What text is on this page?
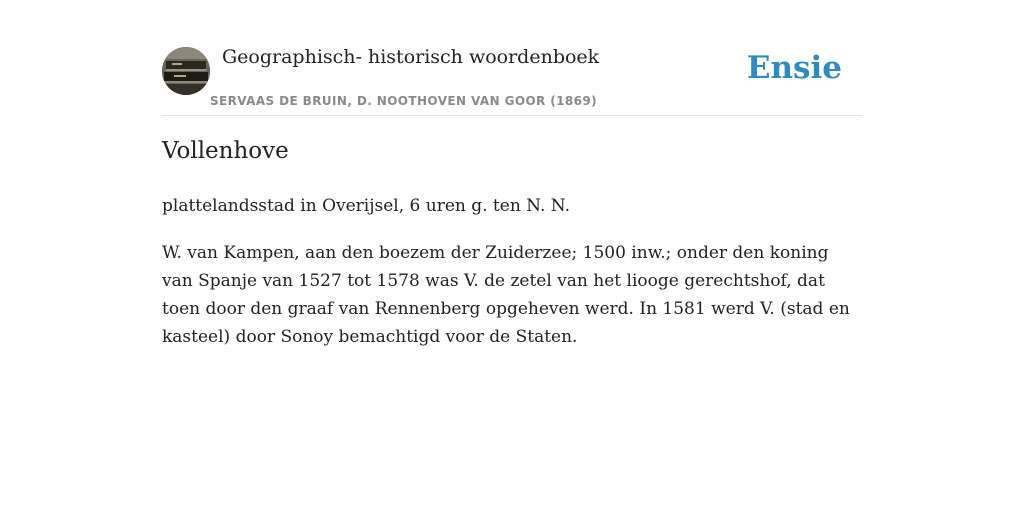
Geographisch- historisch woordenboek
SERVAAS DE BRUIN, D. NOOTHOVEN VAN GOOR (1869)
Ensie
Vollenhove

plattelandsstad in Overijsel, 6 uren g. ten N. N.

W. van Kampen, aan den boezem der Zuiderzee; 1500 inw.; onder den koning van Spanje van 1527 tot 1578 was V. de zetel van het liooge gerechtshof, dat toen door den graaf van Rennenberg opgeheven werd. In 1581 werd V. (stad en kasteel) door Sonoy bemachtigd voor de Staten.
